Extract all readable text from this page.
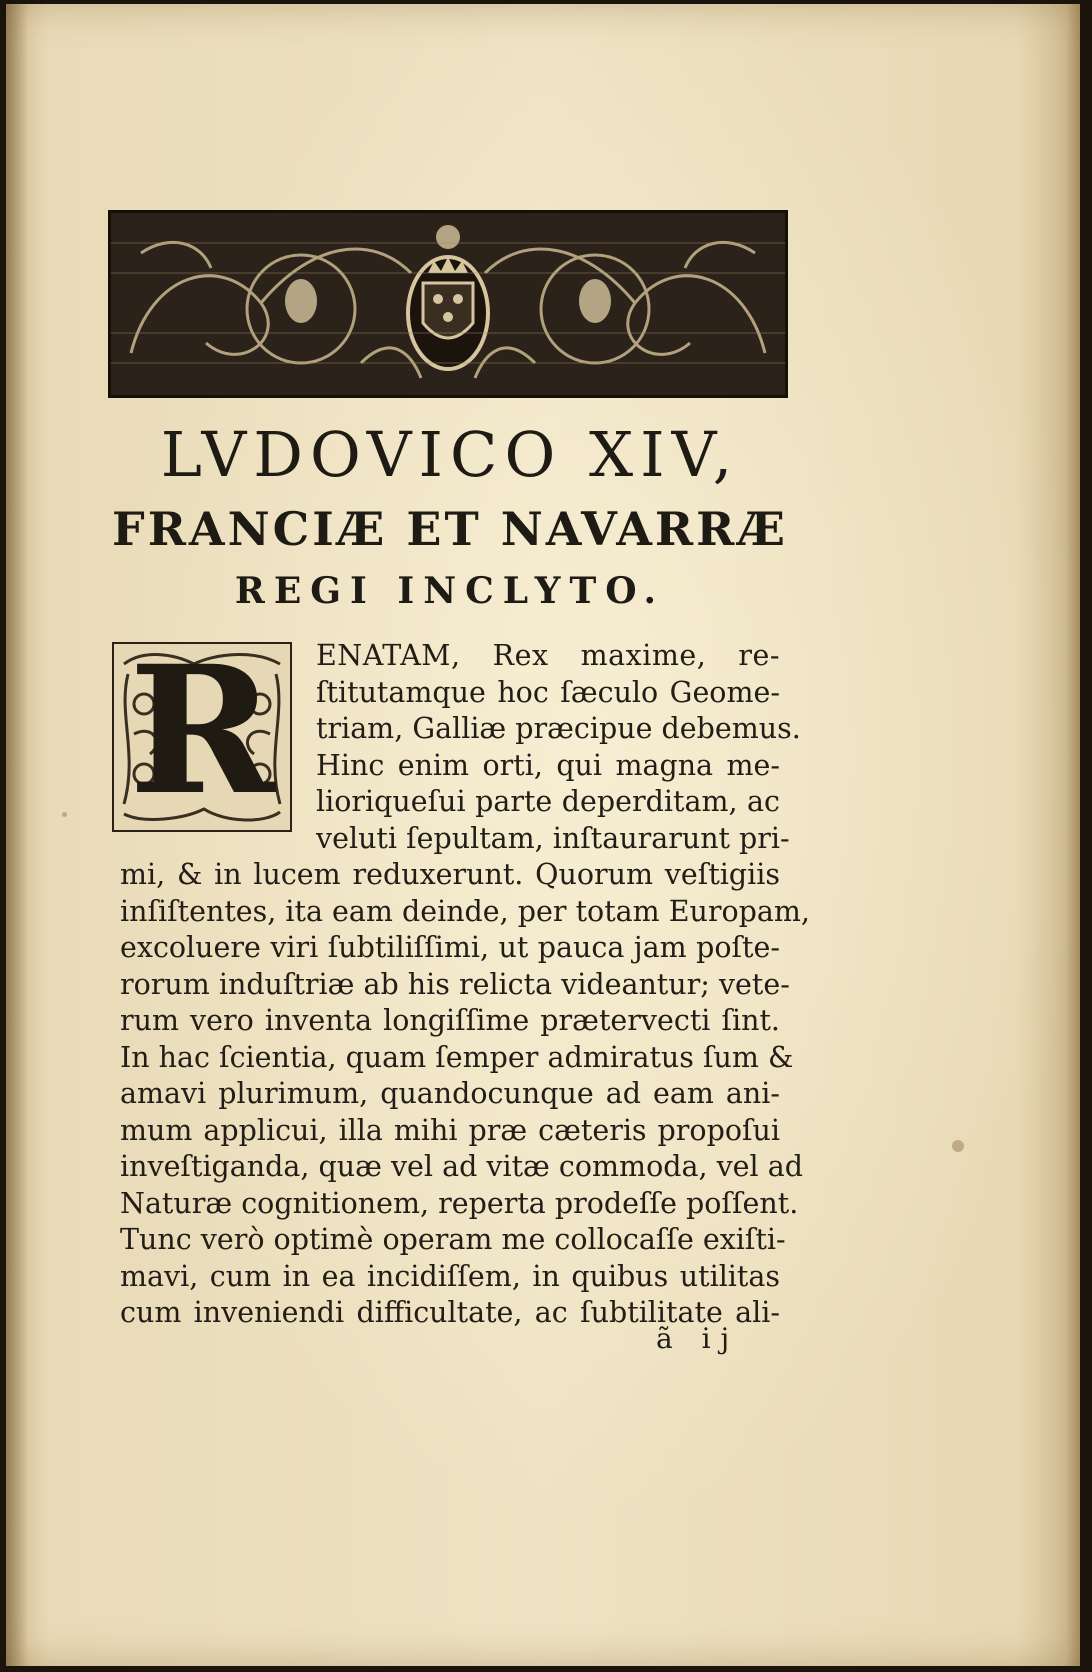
LVDOVICO XIV,
FRANCIÆ ET NAVARRÆ
REGI INCLYTO.
R	ENATAM, Rex maxime, re-
ſtitutamque hoc ſæculo Geome-
triam, Galliæ præcipue debemus.
Hinc enim orti, qui magna me-
lioriqueſui parte deperditam, ac
veluti ſepultam, inſtaurarunt pri-
mi, & in lucem reduxerunt. Quorum veſtigiis
inſiſtentes, ita eam deinde, per totam Europam,
excoluere viri ſubtiliſſimi, ut pauca jam poſte-
rorum induſtriæ ab his relicta videantur; vete-
rum vero inventa longiſſime prætervecti ſint.
In hac ſcientia, quam ſemper admiratus ſum &
amavi plurimum, quandocunque ad eam ani-
mum applicui, illa mihi præ cæteris propoſui
inveſtiganda, quæ vel ad vitæ commoda, vel ad
Naturæ cognitionem, reperta prodeſſe poſſent.
Tunc verò optimè operam me collocaſſe exiſti-
mavi, cum in ea incidiſſem, in quibus utilitas
cum inveniendi difficultate, ac ſubtilitate ali-
ã ij
